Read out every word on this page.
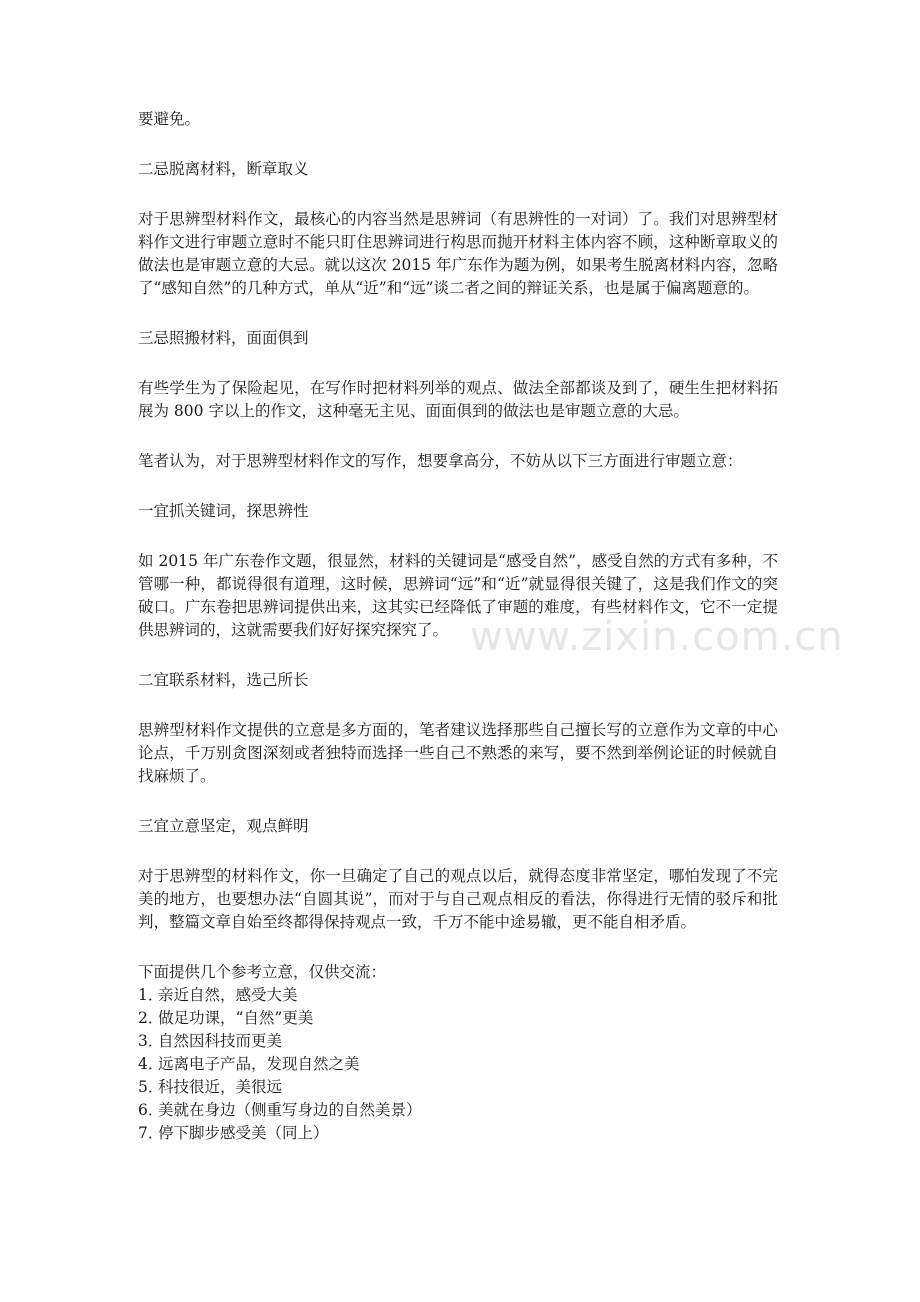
www.zixin.com.cn

要避免。

二忌脱离材料，断章取义

对于思辨型材料作文，最核心的内容当然是思辨词（有思辨性的一对词）了。我们对思辨型材料作文进行审题立意时不能只盯住思辨词进行构思而抛开材料主体内容不顾，这种断章取义的做法也是审题立意的大忌。就以这次 2015 年广东作为题为例，如果考生脱离材料内容，忽略了“感知自然”的几种方式，单从“近”和“远”谈二者之间的辩证关系，也是属于偏离题意的。

三忌照搬材料，面面俱到

有些学生为了保险起见，在写作时把材料列举的观点、做法全部都谈及到了，硬生生把材料拓展为 800 字以上的作文，这种毫无主见、面面俱到的做法也是审题立意的大忌。

笔者认为，对于思辨型材料作文的写作，想要拿高分，不妨从以下三方面进行审题立意：

一宜抓关键词，探思辨性

如 2015 年广东卷作文题，很显然，材料的关键词是“感受自然”，感受自然的方式有多种，不管哪一种，都说得很有道理，这时候，思辨词“远”和“近”就显得很关键了，这是我们作文的突破口。广东卷把思辨词提供出来，这其实已经降低了审题的难度，有些材料作文，它不一定提供思辨词的，这就需要我们好好探究探究了。

二宜联系材料，选己所长

思辨型材料作文提供的立意是多方面的，笔者建议选择那些自己擅长写的立意作为文章的中心论点，千万别贪图深刻或者独特而选择一些自己不熟悉的来写，要不然到举例论证的时候就自找麻烦了。

三宜立意坚定，观点鲜明

对于思辨型的材料作文，你一旦确定了自己的观点以后，就得态度非常坚定，哪怕发现了不完美的地方，也要想办法“自圆其说”，而对于与自己观点相反的看法，你得进行无情的驳斥和批判，整篇文章自始至终都得保持观点一致，千万不能中途易辙，更不能自相矛盾。

下面提供几个参考立意，仅供交流：

1．亲近自然，感受大美
2．做足功课，“自然”更美
3．自然因科技而更美
4．远离电子产品，发现自然之美
5．科技很近，美很远
6．美就在身边（侧重写身边的自然美景）
7．停下脚步感受美（同上）
